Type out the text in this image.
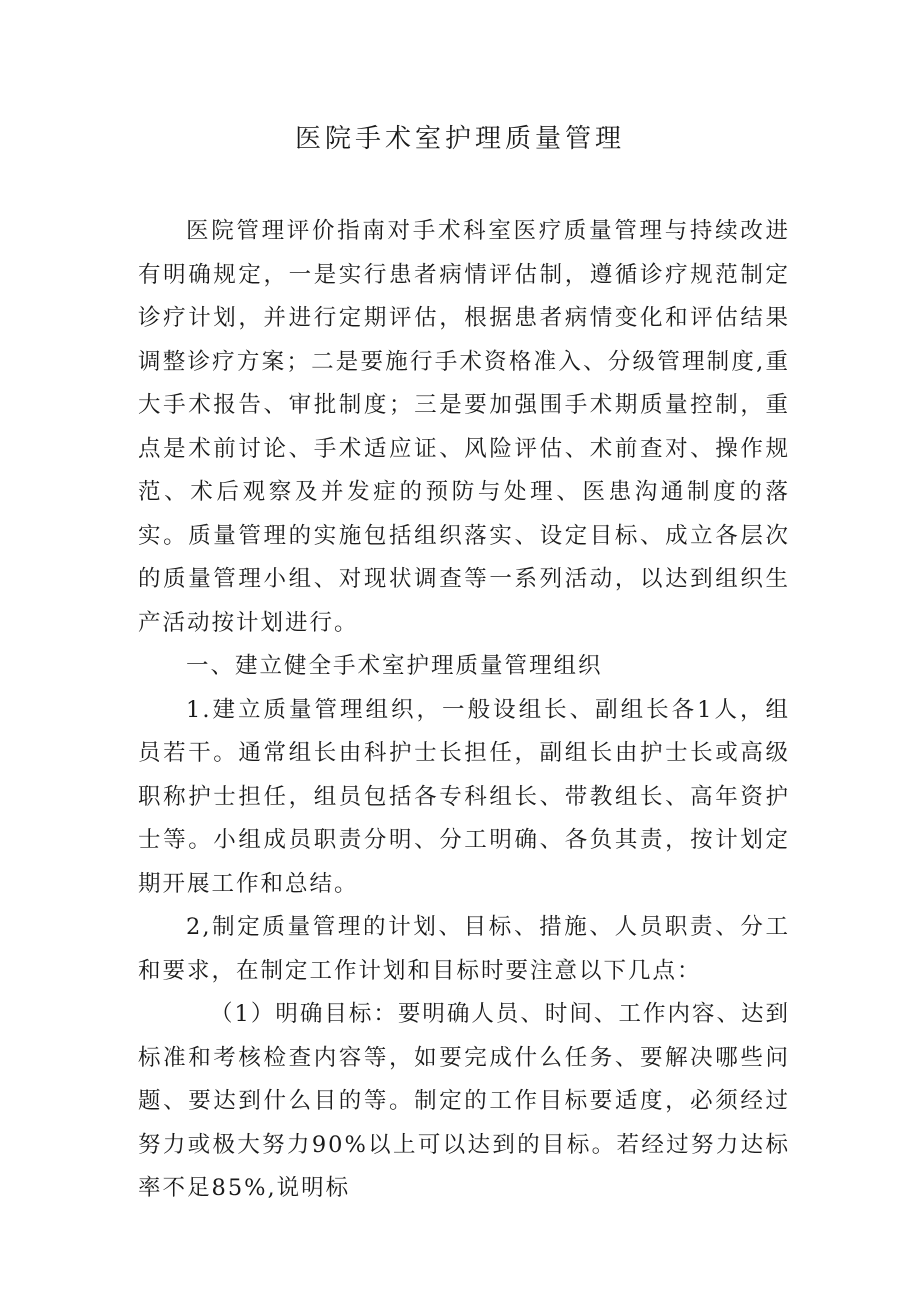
医院手术室护理质量管理

医院管理评价指南对手术科室医疗质量管理与持续改进有明确规定，一是实行患者病情评估制，遵循诊疗规范制定诊疗计划，并进行定期评估，根据患者病情变化和评估结果调整诊疗方案；二是要施行手术资格准入、分级管理制度,重大手术报告、审批制度；三是要加强围手术期质量控制，重点是术前讨论、手术适应证、风险评估、术前查对、操作规范、术后观察及并发症的预防与处理、医患沟通制度的落实。质量管理的实施包括组织落实、设定目标、成立各层次的质量管理小组、对现状调查等一系列活动，以达到组织生产活动按计划进行。

一、建立健全手术室护理质量管理组织

1.建立质量管理组织，一般设组长、副组长各1人，组员若干。通常组长由科护士长担任，副组长由护士长或高级职称护士担任，组员包括各专科组长、带教组长、高年资护士等。小组成员职责分明、分工明确、各负其责，按计划定期开展工作和总结。

2,制定质量管理的计划、目标、措施、人员职责、分工和要求，在制定工作计划和目标时要注意以下几点：

（1）明确目标：要明确人员、时间、工作内容、达到标准和考核检查内容等，如要完成什么任务、要解决哪些问题、要达到什么目的等。制定的工作目标要适度，必须经过努力或极大努力90%以上可以达到的目标。若经过努力达标率不足85%,说明标
